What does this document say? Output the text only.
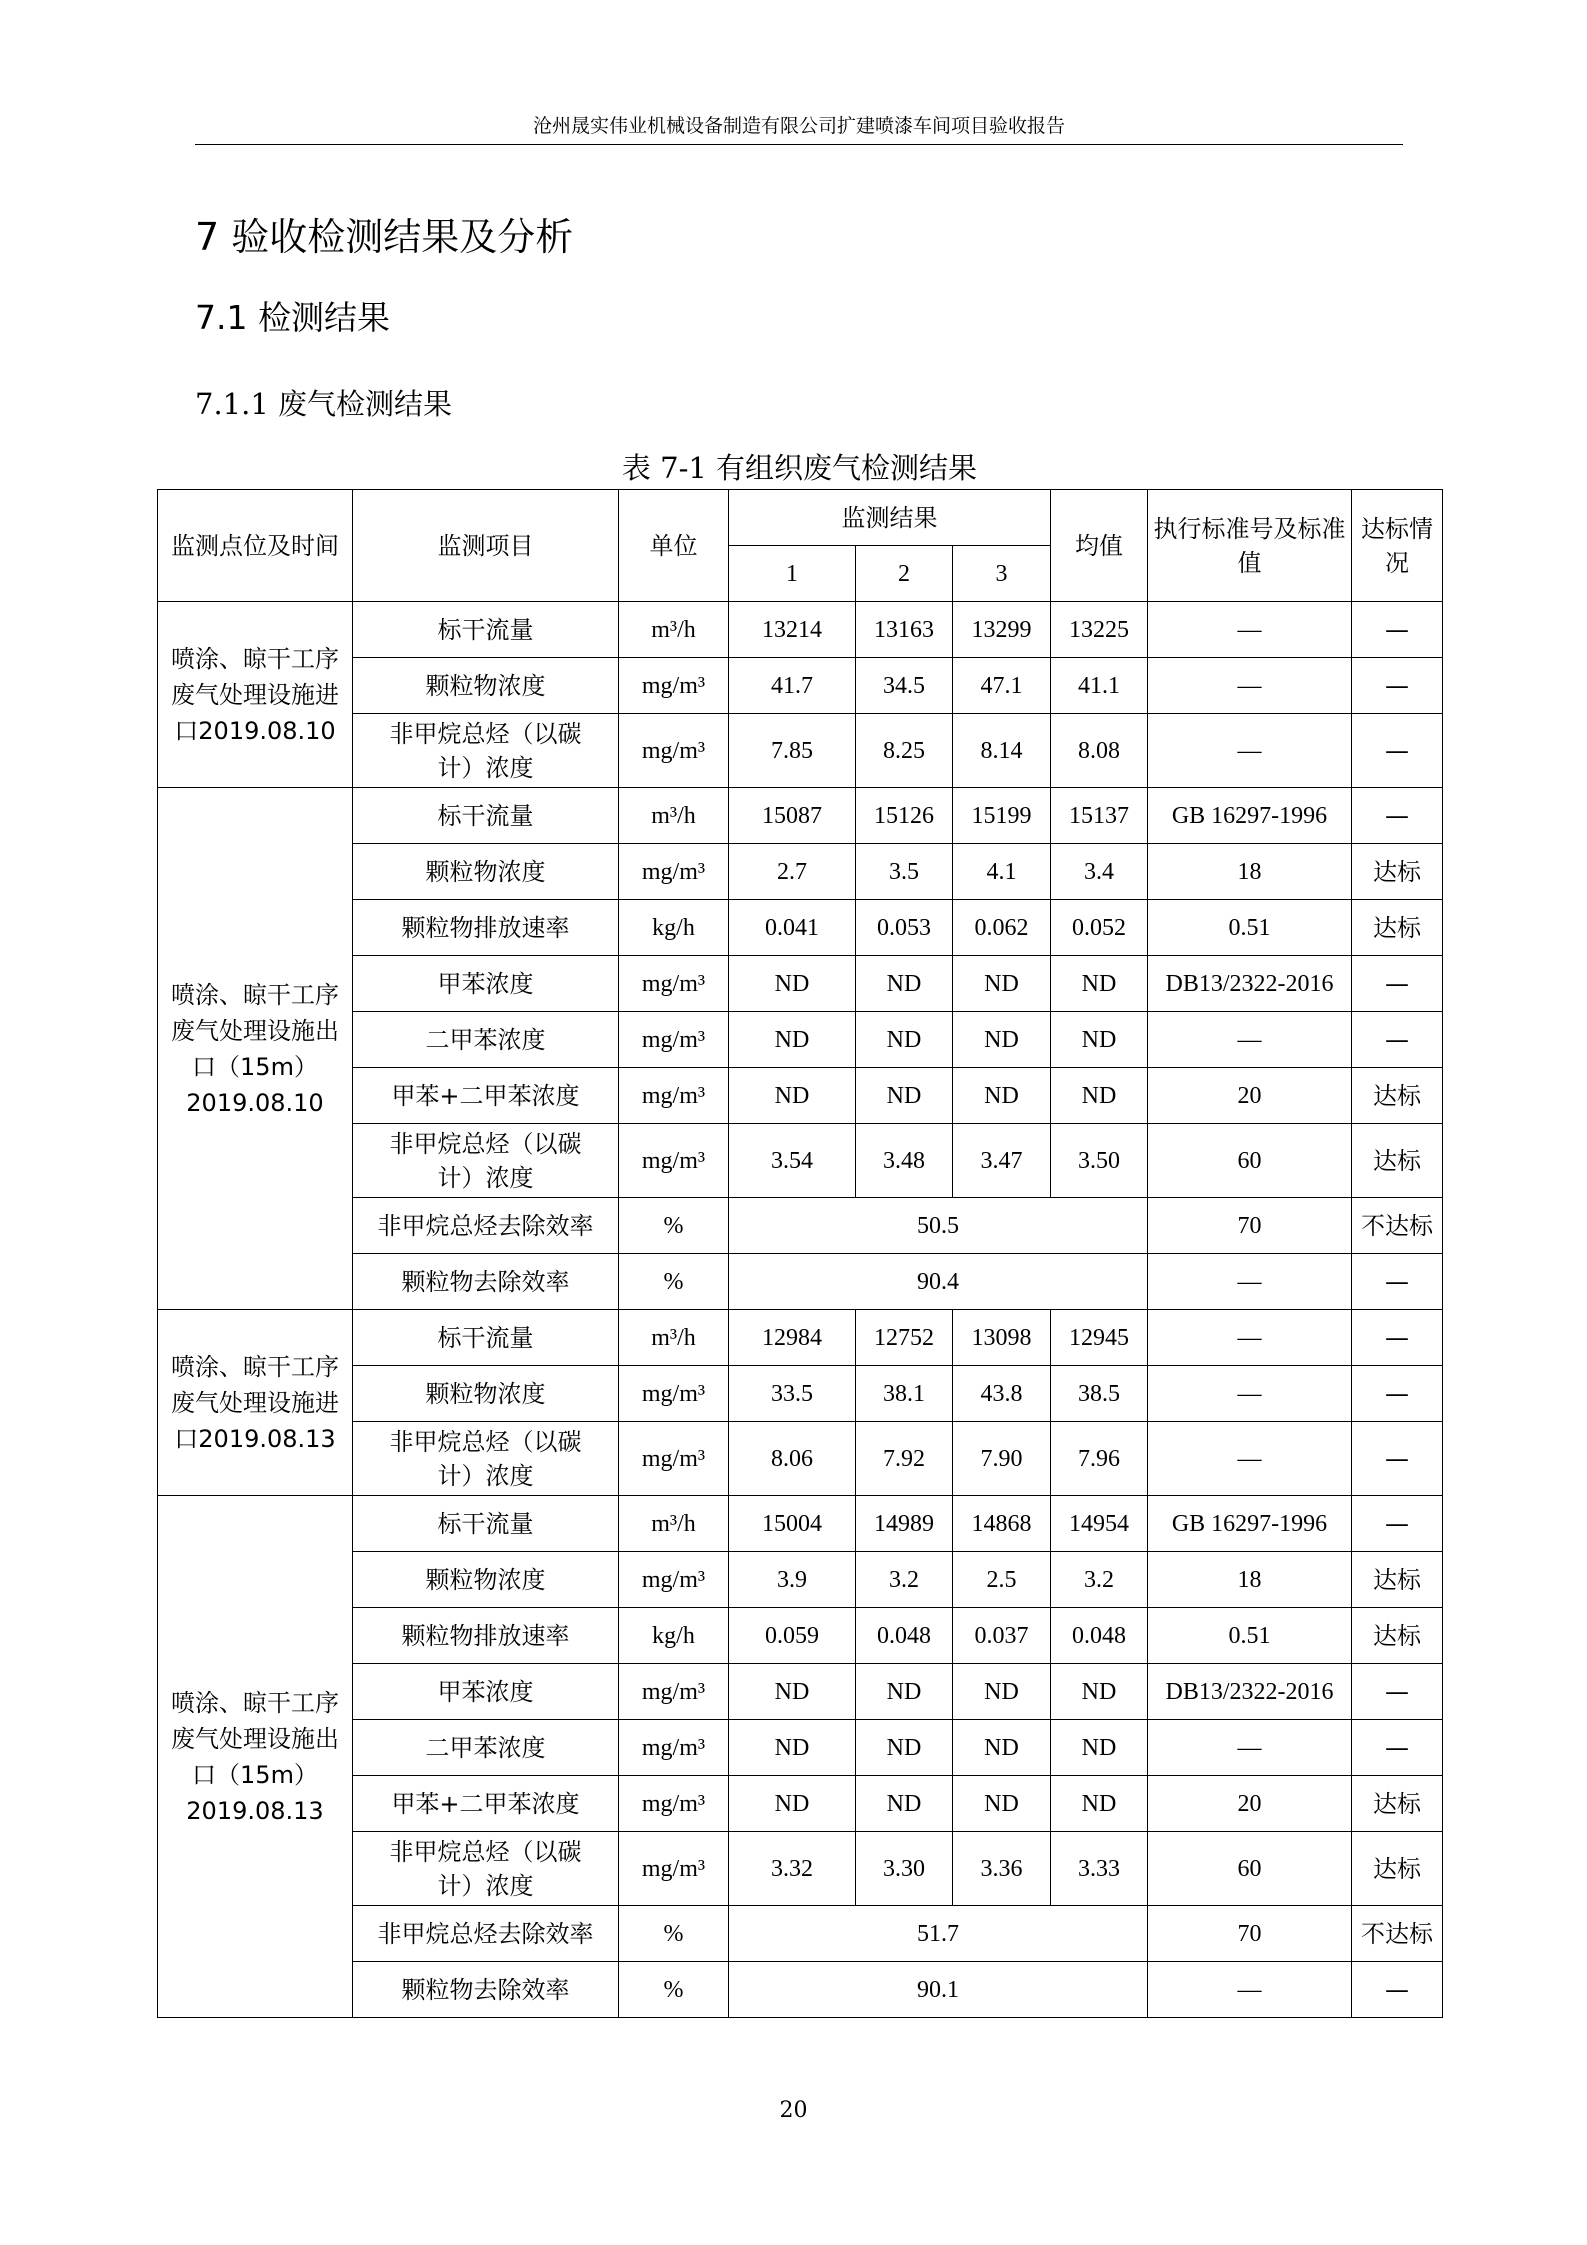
沧州晟实伟业机械设备制造有限公司扩建喷漆车间项目验收报告
7 验收检测结果及分析
7.1 检测结果
7.1.1 废气检测结果
表 7-1 有组织废气检测结果
监测点位及时间	监测项目	单位	监测结果			均值	执行标准号及标准值	达标情况
			1	2	3			
喷涂、晾干工序废气处理设施进口2019.08.10	标干流量	m³/h	13214	13163	13299	13225	—	—
	颗粒物浓度	mg/m³	41.7	34.5	47.1	41.1	—	—
	非甲烷总烃（以碳计）浓度	mg/m³	7.85	8.25	8.14	8.08	—	—
喷涂、晾干工序废气处理设施出口（15m）2019.08.10	标干流量	m³/h	15087	15126	15199	15137	GB 16297-1996	—
	颗粒物浓度	mg/m³	2.7	3.5	4.1	3.4	18	达标
	颗粒物排放速率	kg/h	0.041	0.053	0.062	0.052	0.51	达标
	甲苯浓度	mg/m³	ND	ND	ND	ND	DB13/2322-2016	—
	二甲苯浓度	mg/m³	ND	ND	ND	ND	—	—
	甲苯+二甲苯浓度	mg/m³	ND	ND	ND	ND	20	达标
	非甲烷总烃（以碳计）浓度	mg/m³	3.54	3.48	3.47	3.50	60	达标
	非甲烷总烃去除效率	%	50.5				70	不达标
	颗粒物去除效率	%	90.4				—	—
喷涂、晾干工序废气处理设施进口2019.08.13	标干流量	m³/h	12984	12752	13098	12945	—	—
	颗粒物浓度	mg/m³	33.5	38.1	43.8	38.5	—	—
	非甲烷总烃（以碳计）浓度	mg/m³	8.06	7.92	7.90	7.96	—	—
喷涂、晾干工序废气处理设施出口（15m）2019.08.13	标干流量	m³/h	15004	14989	14868	14954	GB 16297-1996	—
	颗粒物浓度	mg/m³	3.9	3.2	2.5	3.2	18	达标
	颗粒物排放速率	kg/h	0.059	0.048	0.037	0.048	0.51	达标
	甲苯浓度	mg/m³	ND	ND	ND	ND	DB13/2322-2016	—
	二甲苯浓度	mg/m³	ND	ND	ND	ND	—	—
	甲苯+二甲苯浓度	mg/m³	ND	ND	ND	ND	20	达标
	非甲烷总烃（以碳计）浓度	mg/m³	3.32	3.30	3.36	3.33	60	达标
	非甲烷总烃去除效率	%	51.7				70	不达标
	颗粒物去除效率	%	90.1				—	—
20
